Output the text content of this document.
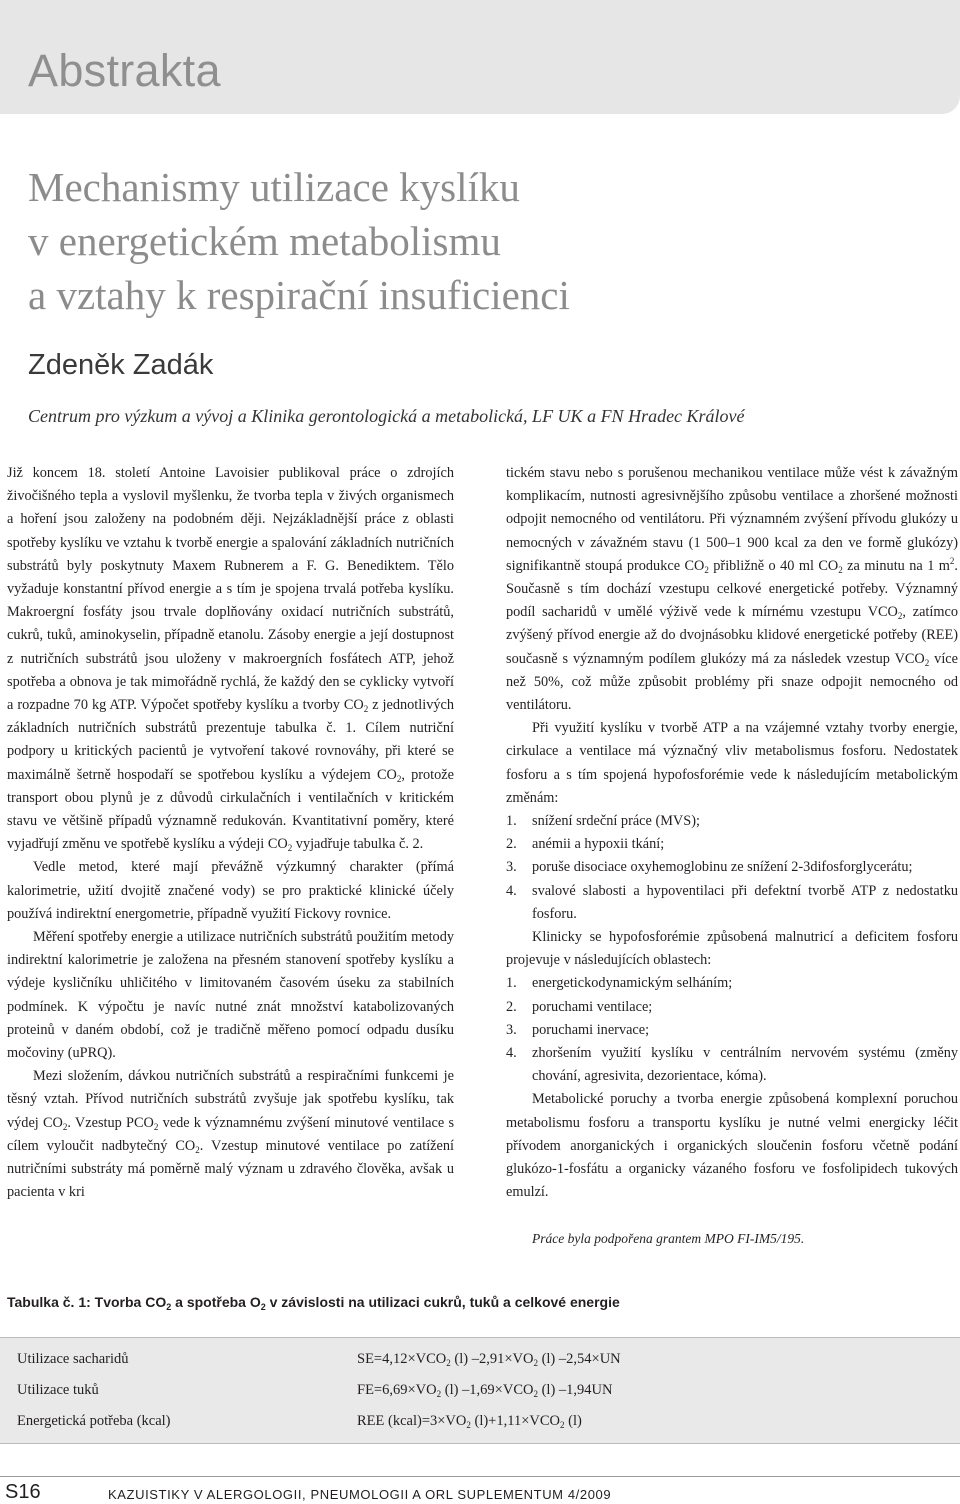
Abstrakta
Mechanismy utilizace kyslíku
v energetickém metabolismu
a vztahy k respirační insuficienci

Zdeněk Zadák

Centrum pro výzkum a vývoj a Klinika gerontologická a metabolická, LF UK a FN Hradec Králové

Již koncem 18. století Antoine Lavoisier publikoval práce o zdrojích živočišného tepla a vyslovil myšlenku, že tvorba tepla v živých organismech a hoření jsou založeny na podobném ději. Nejzákladnější práce z oblasti spotřeby kyslíku ve vztahu k tvorbě energie a spalování základních nutričních substrátů byly poskytnuty Maxem Rubnerem a F. G. Benediktem. Tělo vyžaduje konstantní přívod energie a s tím je spojena trvalá potřeba kyslíku. Makroergní fosfáty jsou trvale doplňovány oxidací nutričních substrátů, cukrů, tuků, aminokyselin, případně etanolu. Zásoby energie a její dostupnost z nutričních substrátů jsou uloženy v makroergních fosfátech ATP, jehož spotřeba a obnova je tak mimořádně rychlá, že každý den se cyklicky vytvoří a rozpadne 70 kg ATP. Výpočet spotřeby kyslíku a tvorby $CO_2$ z jednotlivých základních nutričních substrátů prezentuje tabulka č. 1. Cílem nutriční podpory u kritických pacientů je vytvoření takové rovnováhy, při které se maximálně šetrně hospodaří se spotřebou kyslíku a výdejem $CO_2$, protože transport obou plynů je z důvodů cirkulačních i ventilačních v kritickém stavu ve většině případů významně redukován. Kvantitativní poměry, které vyjadřují změnu ve spotřebě kyslíku a výdeji $CO_2$ vyjadřuje tabulka č. 2.

Vedle metod, které mají převážně výzkumný charakter (přímá kalorimetrie, užití dvojitě značené vody) se pro praktické klinické účely používá indirektní energometrie, případně využití Fickovy rovnice.

Měření spotřeby energie a utilizace nutričních substrátů použitím metody indirektní kalorimetrie je založena na přesném stanovení spotřeby kyslíku a výdeje kysličníku uhličitého v limitovaném časovém úseku za stabilních podmínek. K výpočtu je navíc nutné znát množství katabolizovaných proteinů v daném období, což je tradičně měřeno pomocí odpadu dusíku močoviny (uPRQ).

Mezi složením, dávkou nutričních substrátů a respiračními funkcemi je těsný vztah. Přívod nutričních substrátů zvyšuje jak spotřebu kyslíku, tak výdej $CO_2$. Vzestup $PCO_2$ vede k významnému zvýšení minutové ventilace s cílem vyloučit nadbytečný $CO_2$. Vzestup minutové ventilace po zatížení nutričními substráty má poměrně malý význam u zdravého člověka, avšak u pacienta v kri

tickém stavu nebo s porušenou mechanikou ventilace může vést k závažným komplikacím, nutnosti agresivnějšího způsobu ventilace a zhoršené možnosti odpojit nemocného od ventilátoru. Při významném zvýšení přívodu glukózy u nemocných v závažném stavu (1 500–1 900 kcal za den ve formě glukózy) signifikantně stoupá produkce $CO_2$ přibližně o 40 ml $CO_2$ za minutu na 1 $m^2$. Současně s tím dochází vzestupu celkové energetické potřeby. Významný podíl sacharidů v umělé výživě vede k mírnému vzestupu $VCO_2$, zatímco zvýšený přívod energie až do dvojnásobku klidové energetické potřeby (REE) současně s významným podílem glukózy má za následek vzestup $VCO_2$ více než 50%, což může způsobit problémy při snaze odpojit nemocného od ventilátoru.

Při využití kyslíku v tvorbě ATP a na vzájemné vztahy tvorby energie, cirkulace a ventilace má význačný vliv metabolismus fosforu. Nedostatek fosforu a s tím spojená hypofosforémie vede k následujícím metabolickým změnám:

1. snížení srdeční práce (MVS);
2. anémii a hypoxii tkání;
3. poruše disociace oxyhemoglobinu ze snížení 2-3difosforglycerátu;
4. svalové slabosti a hypoventilaci při defektní tvorbě ATP z nedostatku fosforu.

Klinicky se hypofosforémie způsobená malnutricí a deficitem fosforu projevuje v následujících oblastech:

1. energetickodynamickým selháním;
2. poruchami ventilace;
3. poruchami inervace;
4. zhoršením využití kyslíku v centrálním nervovém systému (změny chování, agresivita, dezorientace, kóma).

Metabolické poruchy a tvorba energie způsobená komplexní poruchou metabolismu fosforu a transportu kyslíku je nutné velmi energicky léčit přívodem anorganických i organických sloučenin fosforu včetně podání glukózo-1-fosfátu a organicky vázaného fosforu ve fosfolipidech tukových emulzí.

Práce byla podpořena grantem MPO FI-IM5/195.

Tabulka č. 1: Tvorba $CO_2$ a spotřeba $O_2$ v závislosti na utilizaci cukrů, tuků a celkové energie

Utilizace sacharidů	$SE=4,12\times VCO_2$ (l) $-2,91\times VO_2$ (l) –2,54×UN
Utilizace tuků	$FE=6,69\times VO_2$ (l) $-1,69\times VCO_2$ (l) –1,94UN
Energetická potřeba (kcal)	REE $(kcal)=3\times VO_2$ $(l)+1,11\times VCO_2$ (l)

S16	KAZUISTIKY V ALERGOLOGII, PNEUMOLOGII A ORL SUPLEMENTUM 4/2009
